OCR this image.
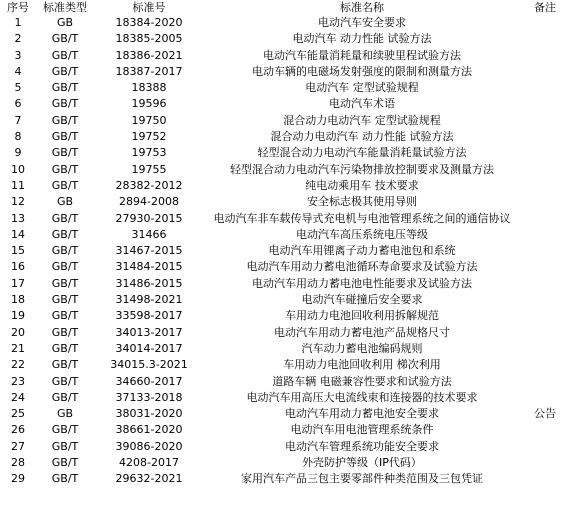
序号	标准类型	标准号	标准名称	备注
1	GB	18384-2020	电动汽车安全要求	
2	GB/T	18385-2005	电动汽车 动力性能 试验方法	
3	GB/T	18386-2021	电动汽车能量消耗量和续驶里程试验方法	
4	GB/T	18387-2017	电动车辆的电磁场发射强度的限制和测量方法	
5	GB/T	18388	电动汽车 定型试验规程	
6	GB/T	19596	电动汽车术语	
7	GB/T	19750	混合动力电动汽车 定型试验规程	
8	GB/T	19752	混合动力电动汽车 动力性能 试验方法	
9	GB/T	19753	轻型混合动力电动汽车能量消耗量试验方法	
10	GB/T	19755	轻型混合动力电动汽车污染物排放控制要求及测量方法	
11	GB/T	28382-2012	纯电动乘用车 技术要求	
12	GB	2894-2008	安全标志极其使用导则	
13	GB/T	27930-2015	电动汽车非车载传导式充电机与电池管理系统之间的通信协议	
14	GB/T	31466	电动汽车高压系统电压等级	
15	GB/T	31467-2015	电动汽车用锂离子动力蓄电池包和系统	
16	GB/T	31484-2015	电动汽车用动力蓄电池循环寿命要求及试验方法	
17	GB/T	31486-2015	电动汽车用动力蓄电池电性能要求及试验方法	
18	GB/T	31498-2021	电动汽车碰撞后安全要求	
19	GB/T	33598-2017	车用动力电池回收利用拆解规范	
20	GB/T	34013-2017	电动汽车用动力蓄电池产品规格尺寸	
21	GB/T	34014-2017	汽车动力蓄电池编码规则	
22	GB/T	34015.3-2021	车用动力电池回收利用 梯次利用	
23	GB/T	34660-2017	道路车辆 电磁兼容性要求和试验方法	
24	GB/T	37133-2018	电动汽车用高压大电流线束和连接器的技术要求	
25	GB	38031-2020	电动汽车用动力蓄电池安全要求	公告
26	GB/T	38661-2020	电动汽车用电池管理系统条件	
27	GB/T	39086-2020	电动汽车管理系统功能安全要求	
28	GB/T	4208-2017	外壳防护等级（IP代码）	
29	GB/T	29632-2021	家用汽车产品三包主要零部件种类范围及三包凭证	
